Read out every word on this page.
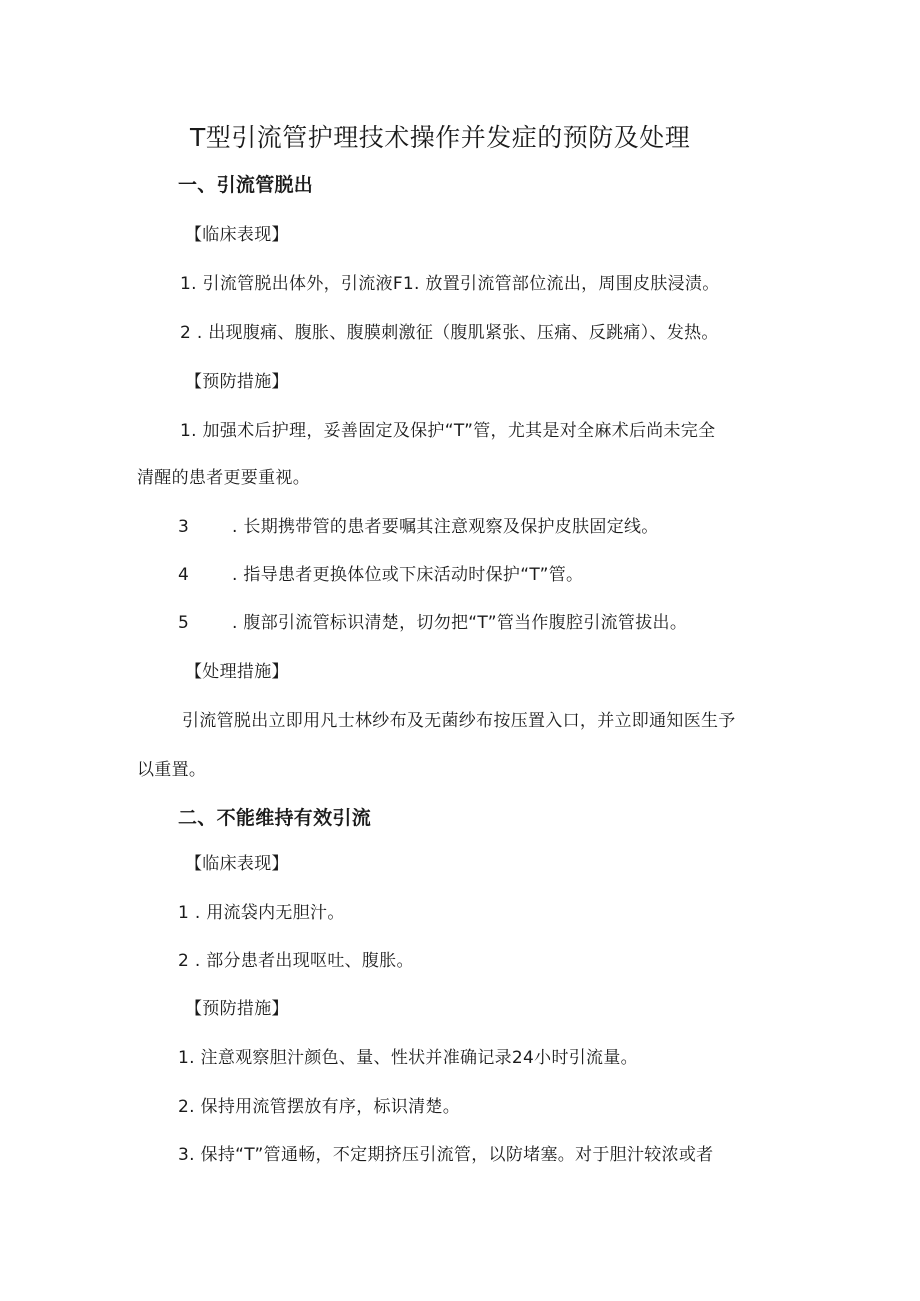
T型引流管护理技术操作并发症的预防及处理
一、引流管脱出
【临床表现】
1. 引流管脱出体外，引流液F1. 放置引流管部位流出，周围皮肤浸渍。
2 . 出现腹痛、腹胀、腹膜刺激征（腹肌紧张、压痛、反跳痛）、发热。
【预防措施】
1. 加强术后护理，妥善固定及保护“T”管，尤其是对全麻术后尚未完全
清醒的患者更要重视。
3	. 长期携带管的患者要嘱其注意观察及保护皮肤固定线。
4	. 指导患者更换体位或下床活动时保护“T”管。
5	. 腹部引流管标识清楚，切勿把“T”管当作腹腔引流管拔出。
【处理措施】
引流管脱出立即用凡士林纱布及无菌纱布按压置入口，并立即通知医生予
以重置。
二、不能维持有效引流
【临床表现】
1 . 用流袋内无胆汁。
2 . 部分患者出现呕吐、腹胀。
【预防措施】
1. 注意观察胆汁颜色、量、性状并准确记录24小时引流量。
2. 保持用流管摆放有序，标识清楚。
3. 保持“T”管通畅，不定期挤压引流管，以防堵塞。对于胆汁较浓或者
